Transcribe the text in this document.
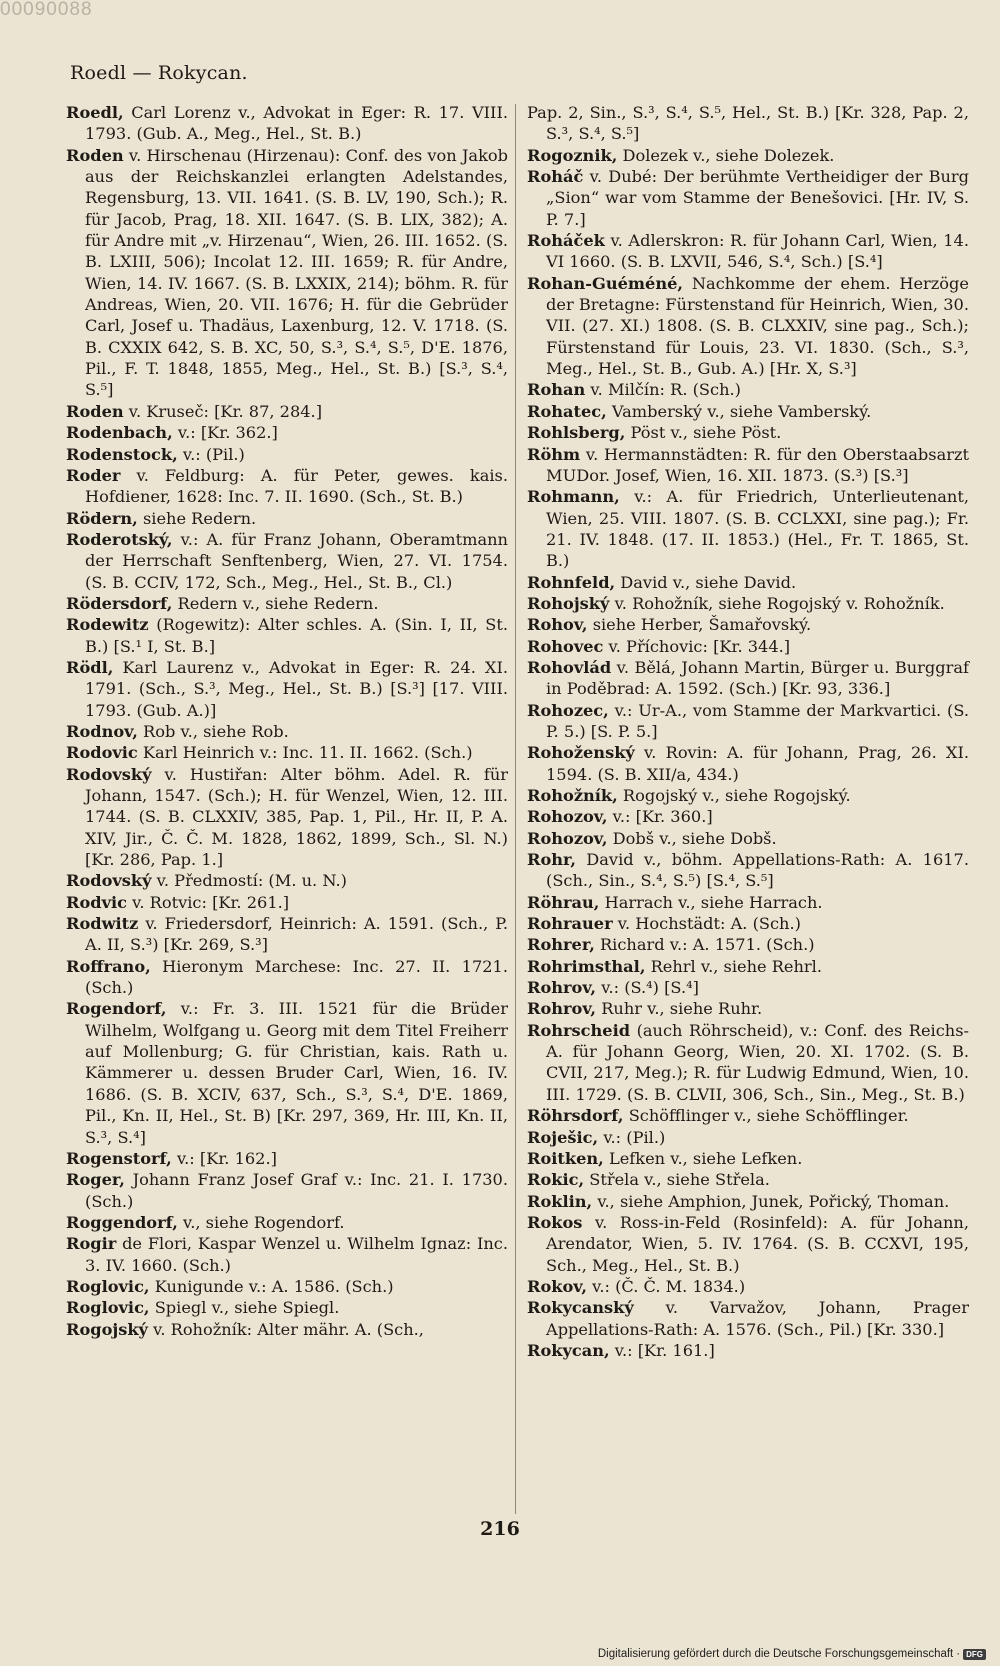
00090088
Roedl — Rokycan.
Roedl, Carl Lorenz v., Advokat in Eger: R. 17. VIII. 1793. (Gub. A., Meg., Hel., St. B.)
Roden v. Hirschenau (Hirzenau): Conf. des von Jakob aus der Reichskanzlei erlangten Adelstandes, Regensburg, 13. VII. 1641. (S. B. LV, 190, Sch.); R. für Jacob, Prag, 18. XII. 1647. (S. B. LIX, 382); A. für Andre mit „v. Hirzenau“, Wien, 26. III. 1652. (S. B. LXIII, 506); Incolat 12. III. 1659; R. für Andre, Wien, 14. IV. 1667. (S. B. LXXIX, 214); böhm. R. für Andreas, Wien, 20. VII. 1676; H. für die Gebrüder Carl, Josef u. Thadäus, Laxenburg, 12. V. 1718. (S. B. CXXIX 642, S. B. XC, 50, S.³, S.⁴, S.⁵, D'E. 1876, Pil., F. T. 1848, 1855, Meg., Hel., St. B.) [S.³, S.⁴, S.⁵]
Roden v. Kruseč: [Kr. 87, 284.]
Rodenbach, v.: [Kr. 362.]
Rodenstock, v.: (Pil.)
Roder v. Feldburg: A. für Peter, gewes. kais. Hofdiener, 1628: Inc. 7. II. 1690. (Sch., St. B.)
Rödern, siehe Redern.
Roderotský, v.: A. für Franz Johann, Oberamtmann der Herrschaft Senftenberg, Wien, 27. VI. 1754. (S. B. CCIV, 172, Sch., Meg., Hel., St. B., Cl.)
Rödersdorf, Redern v., siehe Redern.
Rodewitz (Rogewitz): Alter schles. A. (Sin. I, II, St. B.) [S.¹ I, St. B.]
Rödl, Karl Laurenz v., Advokat in Eger: R. 24. XI. 1791. (Sch., S.³, Meg., Hel., St. B.) [S.³] [17. VIII. 1793. (Gub. A.)]
Rodnov, Rob v., siehe Rob.
Rodovic Karl Heinrich v.: Inc. 11. II. 1662. (Sch.)
Rodovský v. Hustiřan: Alter böhm. Adel. R. für Johann, 1547. (Sch.); H. für Wenzel, Wien, 12. III. 1744. (S. B. CLXXIV, 385, Pap. 1, Pil., Hr. II, P. A. XIV, Jir., Č. Č. M. 1828, 1862, 1899, Sch., Sl. N.) [Kr. 286, Pap. 1.]
Rodovský v. Předmostí: (M. u. N.)
Rodvic v. Rotvic: [Kr. 261.]
Rodwitz v. Friedersdorf, Heinrich: A. 1591. (Sch., P. A. II, S.³) [Kr. 269, S.³]
Roffrano, Hieronym Marchese: Inc. 27. II. 1721. (Sch.)
Rogendorf, v.: Fr. 3. III. 1521 für die Brüder Wilhelm, Wolfgang u. Georg mit dem Titel Freiherr auf Mollenburg; G. für Christian, kais. Rath u. Kämmerer u. dessen Bruder Carl, Wien, 16. IV. 1686. (S. B. XCIV, 637, Sch., S.³, S.⁴, D'E. 1869, Pil., Kn. II, Hel., St. B) [Kr. 297, 369, Hr. III, Kn. II, S.³, S.⁴]
Rogenstorf, v.: [Kr. 162.]
Roger, Johann Franz Josef Graf v.: Inc. 21. I. 1730. (Sch.)
Roggendorf, v., siehe Rogendorf.
Rogir de Flori, Kaspar Wenzel u. Wilhelm Ignaz: Inc. 3. IV. 1660. (Sch.)
Roglovic, Kunigunde v.: A. 1586. (Sch.)
Roglovic, Spiegl v., siehe Spiegl.
Rogojský v. Rohožník: Alter mähr. A. (Sch.,
Pap. 2, Sin., S.³, S.⁴, S.⁵, Hel., St. B.) [Kr. 328, Pap. 2, S.³, S.⁴, S.⁵]
Rogoznik, Dolezek v., siehe Dolezek.
Roháč v. Dubé: Der berühmte Vertheidiger der Burg „Sion“ war vom Stamme der Benešovici. [Hr. IV, S. P. 7.]
Roháček v. Adlerskron: R. für Johann Carl, Wien, 14. VI 1660. (S. B. LXVII, 546, S.⁴, Sch.) [S.⁴]
Rohan-Guéméné, Nachkomme der ehem. Herzöge der Bretagne: Fürstenstand für Heinrich, Wien, 30. VII. (27. XI.) 1808. (S. B. CLXXIV, sine pag., Sch.); Fürstenstand für Louis, 23. VI. 1830. (Sch., S.³, Meg., Hel., St. B., Gub. A.) [Hr. X, S.³]
Rohan v. Milčín: R. (Sch.)
Rohatec, Vamberský v., siehe Vamberský.
Rohlsberg, Pöst v., siehe Pöst.
Röhm v. Hermannstädten: R. für den Oberstaabsarzt MUDor. Josef, Wien, 16. XII. 1873. (S.³) [S.³]
Rohmann, v.: A. für Friedrich, Unterlieutenant, Wien, 25. VIII. 1807. (S. B. CCLXXI, sine pag.); Fr. 21. IV. 1848. (17. II. 1853.) (Hel., Fr. T. 1865, St. B.)
Rohnfeld, David v., siehe David.
Rohojský v. Rohožník, siehe Rogojský v. Rohožník.
Rohov, siehe Herber, Šamařovský.
Rohovec v. Příchovic: [Kr. 344.]
Rohovlád v. Bělá, Johann Martin, Bürger u. Burggraf in Poděbrad: A. 1592. (Sch.) [Kr. 93, 336.]
Rohozec, v.: Ur-A., vom Stamme der Markvartici. (S. P. 5.) [S. P. 5.]
Rohoženský v. Rovin: A. für Johann, Prag, 26. XI. 1594. (S. B. XII/a, 434.)
Rohožník, Rogojský v., siehe Rogojský.
Rohozov, v.: [Kr. 360.]
Rohozov, Dobš v., siehe Dobš.
Rohr, David v., böhm. Appellations-Rath: A. 1617. (Sch., Sin., S.⁴, S.⁵) [S.⁴, S.⁵]
Röhrau, Harrach v., siehe Harrach.
Rohrauer v. Hochstädt: A. (Sch.)
Rohrer, Richard v.: A. 1571. (Sch.)
Rohrimsthal, Rehrl v., siehe Rehrl.
Rohrov, v.: (S.⁴) [S.⁴]
Rohrov, Ruhr v., siehe Ruhr.
Rohrscheid (auch Röhrscheid), v.: Conf. des Reichs-A. für Johann Georg, Wien, 20. XI. 1702. (S. B. CVII, 217, Meg.); R. für Ludwig Edmund, Wien, 10. III. 1729. (S. B. CLVII, 306, Sch., Sin., Meg., St. B.)
Röhrsdorf, Schöfflinger v., siehe Schöfflinger.
Roješic, v.: (Pil.)
Roitken, Lefken v., siehe Lefken.
Rokic, Střela v., siehe Střela.
Roklin, v., siehe Amphion, Junek, Pořický, Thoman.
Rokos v. Ross-in-Feld (Rosinfeld): A. für Johann, Arendator, Wien, 5. IV. 1764. (S. B. CCXVI, 195, Sch., Meg., Hel., St. B.)
Rokov, v.: (Č. Č. M. 1834.)
Rokycanský v. Varvažov, Johann, Prager Appellations-Rath: A. 1576. (Sch., Pil.) [Kr. 330.]
Rokycan, v.: [Kr. 161.]
216
Digitalisierung gefördert durch die Deutsche Forschungsgemeinschaft · DFG
